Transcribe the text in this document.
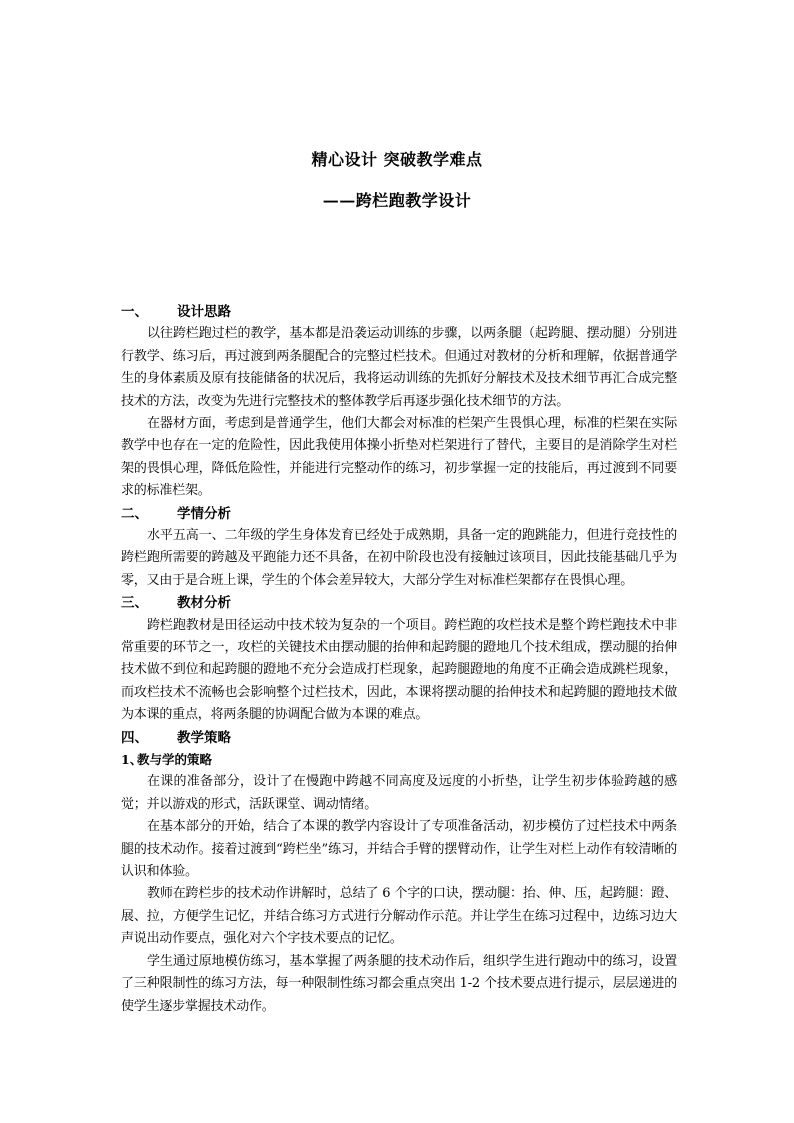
精心设计 突破教学难点
——跨栏跑教学设计
一、 设计思路

以往跨栏跑过栏的教学，基本都是沿袭运动训练的步骤，以两条腿（起跨腿、摆动腿）分别进行教学、练习后，再过渡到两条腿配合的完整过栏技术。但通过对教材的分析和理解，依据普通学生的身体素质及原有技能储备的状况后，我将运动训练的先抓好分解技术及技术细节再汇合成完整技术的方法，改变为先进行完整技术的整体教学后再逐步强化技术细节的方法。

在器材方面，考虑到是普通学生，他们大都会对标准的栏架产生畏惧心理，标准的栏架在实际教学中也存在一定的危险性，因此我使用体操小折垫对栏架进行了替代，主要目的是消除学生对栏架的畏惧心理，降低危险性，并能进行完整动作的练习，初步掌握一定的技能后，再过渡到不同要求的标准栏架。

二、 学情分析

水平五高一、二年级的学生身体发育已经处于成熟期，具备一定的跑跳能力，但进行竞技性的跨栏跑所需要的跨越及平跑能力还不具备，在初中阶段也没有接触过该项目，因此技能基础几乎为零，又由于是合班上课，学生的个体会差异较大，大部分学生对标准栏架都存在畏惧心理。

三、 教材分析

跨栏跑教材是田径运动中技术较为复杂的一个项目。跨栏跑的攻栏技术是整个跨栏跑技术中非常重要的环节之一，攻栏的关键技术由摆动腿的抬伸和起跨腿的蹬地几个技术组成，摆动腿的抬伸技术做不到位和起跨腿的蹬地不充分会造成打栏现象，起跨腿蹬地的角度不正确会造成跳栏现象，而攻栏技术不流畅也会影响整个过栏技术，因此，本课将摆动腿的抬伸技术和起跨腿的蹬地技术做为本课的重点，将两条腿的协调配合做为本课的难点。

四、 教学策略
1、教与学的策略

在课的准备部分，设计了在慢跑中跨越不同高度及远度的小折垫，让学生初步体验跨越的感觉；并以游戏的形式，活跃课堂、调动情绪。

在基本部分的开始，结合了本课的教学内容设计了专项准备活动，初步模仿了过栏技术中两条腿的技术动作。接着过渡到“跨栏坐”练习，并结合手臂的摆臂动作，让学生对栏上动作有较清晰的认识和体验。

教师在跨栏步的技术动作讲解时，总结了 6 个字的口诀，摆动腿：抬、伸、压，起跨腿：蹬、展、拉，方便学生记忆，并结合练习方式进行分解动作示范。并让学生在练习过程中，边练习边大声说出动作要点，强化对六个字技术要点的记忆。

学生通过原地模仿练习，基本掌握了两条腿的技术动作后，组织学生进行跑动中的练习，设置了三种限制性的练习方法，每一种限制性练习都会重点突出 1-2 个技术要点进行提示，层层递进的使学生逐步掌握技术动作。
